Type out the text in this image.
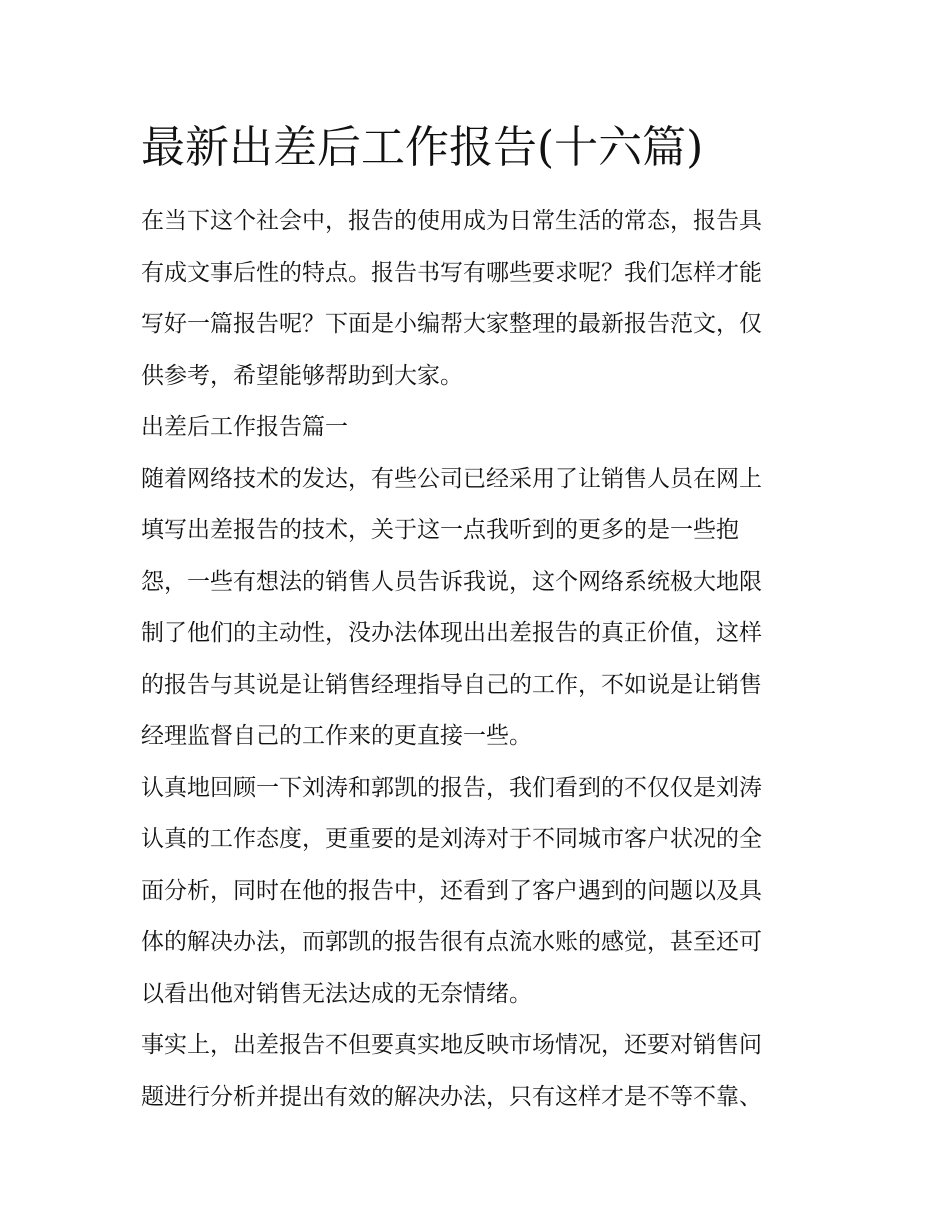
最新出差后工作报告(十六篇)
在当下这个社会中，报告的使用成为日常生活的常态，报告具
有成文事后性的特点。报告书写有哪些要求呢？我们怎样才能
写好一篇报告呢？下面是小编帮大家整理的最新报告范文，仅
供参考，希望能够帮助到大家。
出差后工作报告篇一
随着网络技术的发达，有些公司已经采用了让销售人员在网上
填写出差报告的技术，关于这一点我听到的更多的是一些抱
怨，一些有想法的销售人员告诉我说，这个网络系统极大地限
制了他们的主动性，没办法体现出出差报告的真正价值，这样
的报告与其说是让销售经理指导自己的工作，不如说是让销售
经理监督自己的工作来的更直接一些。
认真地回顾一下刘涛和郭凯的报告，我们看到的不仅仅是刘涛
认真的工作态度，更重要的是刘涛对于不同城市客户状况的全
面分析，同时在他的报告中，还看到了客户遇到的问题以及具
体的解决办法，而郭凯的报告很有点流水账的感觉，甚至还可
以看出他对销售无法达成的无奈情绪。
事实上，出差报告不但要真实地反映市场情况，还要对销售问
题进行分析并提出有效的解决办法，只有这样才是不等不靠、
